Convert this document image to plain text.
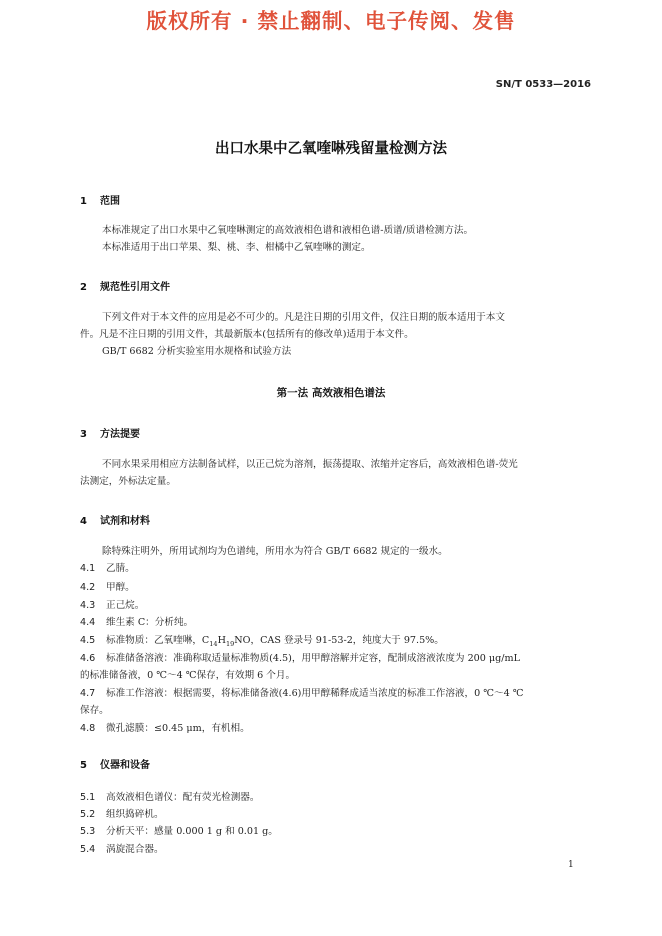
版权所有 · 禁止翻制、电子传阅、发售
SN/T 0533—2016
出口水果中乙氧喹啉残留量检测方法
1 范围
本标准规定了出口水果中乙氧喹啉测定的高效液相色谱和液相色谱-质谱/质谱检测方法。
本标准适用于出口苹果、梨、桃、李、柑橘中乙氧喹啉的测定。
2 规范性引用文件
下列文件对于本文件的应用是必不可少的。凡是注日期的引用文件，仅注日期的版本适用于本文
件。凡是不注日期的引用文件，其最新版本(包括所有的修改单)适用于本文件。
GB/T 6682 分析实验室用水规格和试验方法
第一法 高效液相色谱法
3 方法提要
不同水果采用相应方法制备试样，以正己烷为溶剂，振荡提取、浓缩并定容后，高效液相色谱-荧光
法测定，外标法定量。
4 试剂和材料
除特殊注明外，所用试剂均为色谱纯，所用水为符合 GB/T 6682 规定的一级水。
4.1 乙腈。
4.2 甲醇。
4.3 正己烷。
4.4 维生素 C：分析纯。
4.5 标准物质：乙氧喹啉，$C_{14}H_{19}NO$，CAS 登录号 91-53-2，纯度大于 97.5%。
4.6 标准储备溶液：准确称取适量标准物质(4.5)，用甲醇溶解并定容，配制成溶液浓度为 200 μg/mL
的标准储备液，0 ℃～4 ℃保存，有效期 6 个月。
4.7 标准工作溶液：根据需要，将标准储备液(4.6)用甲醇稀释成适当浓度的标准工作溶液，0 ℃～4 ℃
保存。
4.8 微孔滤膜：≤0.45 μm，有机相。
5 仪器和设备
5.1 高效液相色谱仪：配有荧光检测器。
5.2 组织捣碎机。
5.3 分析天平：感量 0.000 1 g 和 0.01 g。
5.4 涡旋混合器。
1
